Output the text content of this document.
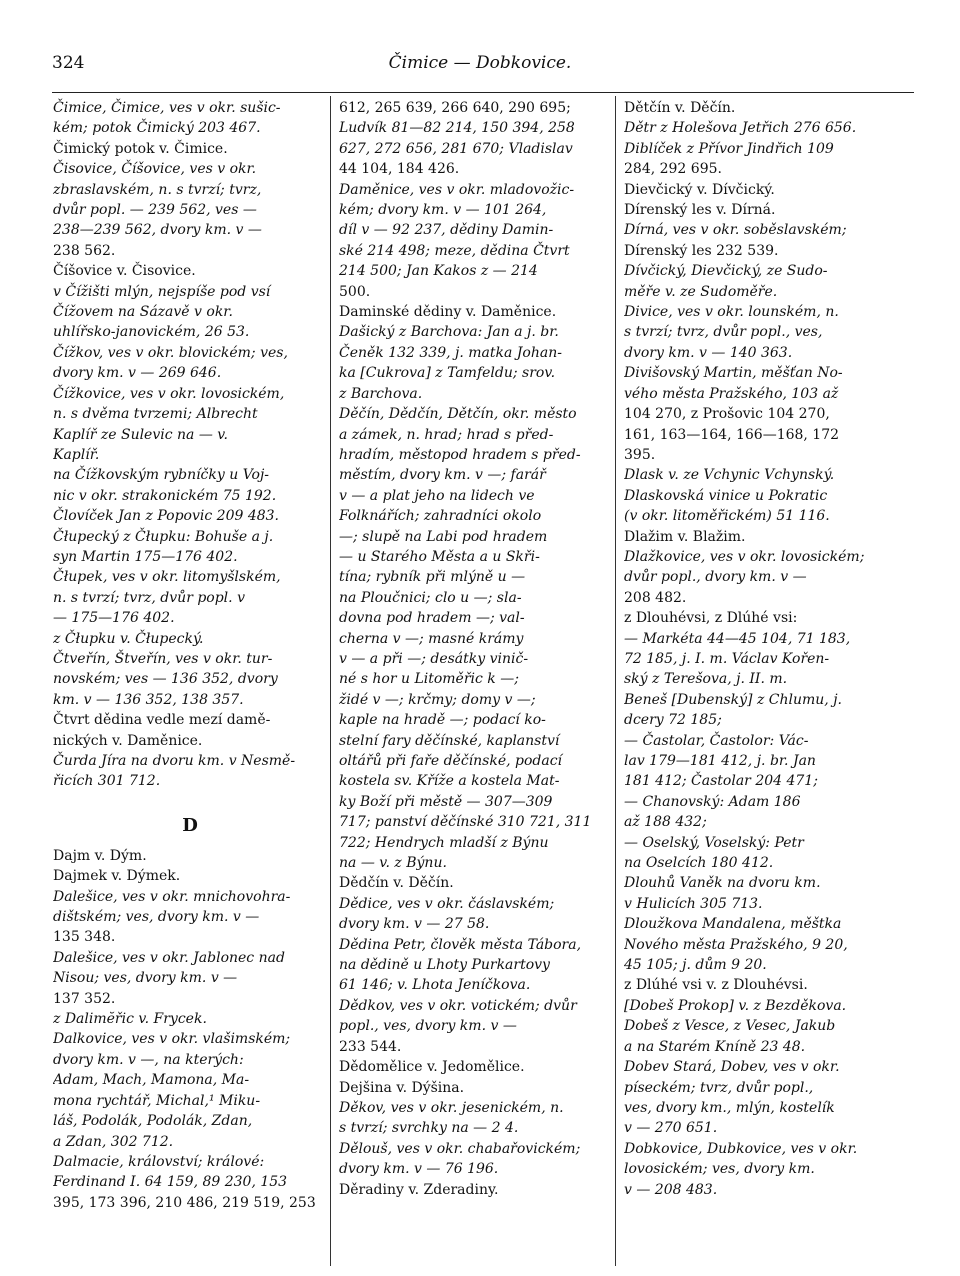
324	Čimice — Dobkovice.
Čimice, Čimice, ves v okr. sušic-
kém; potok Čimický 203 467.
Čimický potok v. Čimice.
Čisovice, Číšovice, ves v okr.
zbraslavském, n. s tvrzí; tvrz,
dvůr popl. — 239 562, ves —
238—239 562, dvory km. v —
238 562.
Číšovice v. Čisovice.
v Čížišti mlýn, nejspíše pod vsí
Čížovem na Sázavě v okr.
uhlířsko-janovickém, 26 53.
Čížkov, ves v okr. blovickém; ves,
dvory km. v — 269 646.
Čížkovice, ves v okr. lovosickém,
n. s dvěma tvrzemi; Albrecht
Kaplíř ze Sulevic na — v.
Kaplíř.
na Čížkovským rybníčky u Voj-
nic v okr. strakonickém 75 192.
Človíček Jan z Popovic 209 483.
Čłupecký z Čłupku: Bohuše a j.
syn Martin 175—176 402.
Čłupek, ves v okr. litomyšlském,
n. s tvrzí; tvrz, dvůr popl. v
— 175—176 402.
z Čłupku v. Čłupecký.
Čtveřín, Štveřín, ves v okr. tur-
novském; ves — 136 352, dvory
km. v — 136 352, 138 357.
Čtvrt dědina vedle mezí damě-
nických v. Daměnice.
Čurda Jíra na dvoru km. v Nesmě-
řicích 301 712.
D
Dajm v. Dým.
Dajmek v. Dýmek.
Dalešice, ves v okr. mnichovohra-
dištském; ves, dvory km. v —
135 348.
Dalešice, ves v okr. Jablonec nad
Nisou; ves, dvory km. v —
137 352.
z Dalimĕřic v. Frycek.
Dalkovice, ves v okr. vlašimském;
dvory km. v —, na kterých:
Adam, Mach, Mamona, Ma-
mona rychtář, Michal,¹ Miku-
láš, Podolák, Podolák, Zdan,
a Zdan, 302 712.
Dalmacie, království; králové:
Ferdinand I. 64 159, 89 230, 153
395, 173 396, 210 486, 219 519, 253
612, 265 639, 266 640, 290 695;
Ludvík 81—82 214, 150 394, 258
627, 272 656, 281 670; Vladislav
44 104, 184 426.
Daměnice, ves v okr. mladovožic-
kém; dvory km. v — 101 264,
díl v — 92 237, dědiny Damin-
ské 214 498; meze, dědina Čtvrt
214 500; Jan Kakos z — 214
500.
Daminské dědiny v. Daměnice.
Dašický z Barchova: Jan a j. br.
Čeněk 132 339, j. matka Johan-
ka [Cukrova] z Tamfeldu; srov.
z Barchova.
Děčín, Dědčín, Dětčín, okr. město
a zámek, n. hrad; hrad s před-
hradím, městopod hradem s před-
městím, dvory km. v —; farář
v — a plat jeho na lidech ve
Folknářích; zahradníci okolo
—; slupě na Labi pod hradem
— u Starého Města a u Skři-
tína; rybník při mlýně u —
na Ploučnici; clo u —; sla-
dovna pod hradem —; val-
cherna v —; masné krámy
v — a při —; desátky vinič-
né s hor u Litoměřic k —;
židé v —; krčmy; domy v —;
kaple na hradě —; podací ko-
stelní fary děčínské, kaplanství
oltářů při faře děčínské, podací
kostela sv. Kříže a kostela Mat-
ky Boží při městě — 307—309
717; panství děčínské 310 721, 311
722; Hendrych mladší z Býnu
na — v. z Býnu.
Dědčín v. Děčín.
Dědice, ves v okr. čáslavském;
dvory km. v — 27 58.
Dědina Petr, člověk města Tábora,
na dědině u Lhoty Purkartovy
61 146; v. Lhota Jeníčkova.
Dědkov, ves v okr. votickém; dvůr
popl., ves, dvory km. v —
233 544.
Dědomělice v. Jedomělice.
Dejšina v. Dýšina.
Děkov, ves v okr. jesenickém, n.
s tvrzí; svrchky na — 2 4.
Dělouš, ves v okr. chabařovickém;
dvory km. v — 76 196.
Děradiny v. Zderadiny.
Dětčín v. Děčín.
Dětr z Holešova Jetřich 276 656.
Diblíček z Přívor Jindřich 109
284, 292 695.
Dievčický v. Dívčický.
Dírenský les v. Dírná.
Dírná, ves v okr. soběslavském;
Dírenský les 232 539.
Dívčický, Dievčický, ze Sudo-
měře v. ze Sudoměře.
Divice, ves v okr. lounském, n.
s tvrzí; tvrz, dvůr popl., ves,
dvory km. v — 140 363.
Divišovský Martin, měšťan No-
vého města Pražského, 103 až
104 270, z Prošovic 104 270,
161, 163—164, 166—168, 172
395.
Dlask v. ze Vchynic Vchynský.
Dlaskovská vinice u Pokratic
(v okr. litoměřickém) 51 116.
Dlažim v. Blažim.
Dlažkovice, ves v okr. lovosickém;
dvůr popl., dvory km. v —
208 482.
z Dlouhévsi, z Dlúhé vsi:
— Markéta 44—45 104, 71 183,
72 185, j. I. m. Václav Kořen-
ský z Terešova, j. II. m.
Beneš [Dubenský] z Chlumu, j.
dcery 72 185;
— Častolar, Častolor: Vác-
lav 179—181 412, j. br. Jan
181 412; Častolar 204 471;
— Chanovský: Adam 186
až 188 432;
— Oselský, Voselský: Petr
na Oselcích 180 412.
Dlouhů Vaněk na dvoru km.
v Hulicích 305 713.
Dloužkova Mandalena, měštka
Nového města Pražského, 9 20,
45 105; j. dům 9 20.
z Dlúhé vsi v. z Dlouhévsi.
[Dobeš Prokop] v. z Bezděkova.
Dobeš z Vesce, z Vesec, Jakub
a na Starém Kníně 23 48.
Dobev Stará, Dobev, ves v okr.
píseckém; tvrz, dvůr popl.,
ves, dvory km., mlýn, kostelík
v — 270 651.
Dobkovice, Dubkovice, ves v okr.
lovosickém; ves, dvory km.
v — 208 483.
